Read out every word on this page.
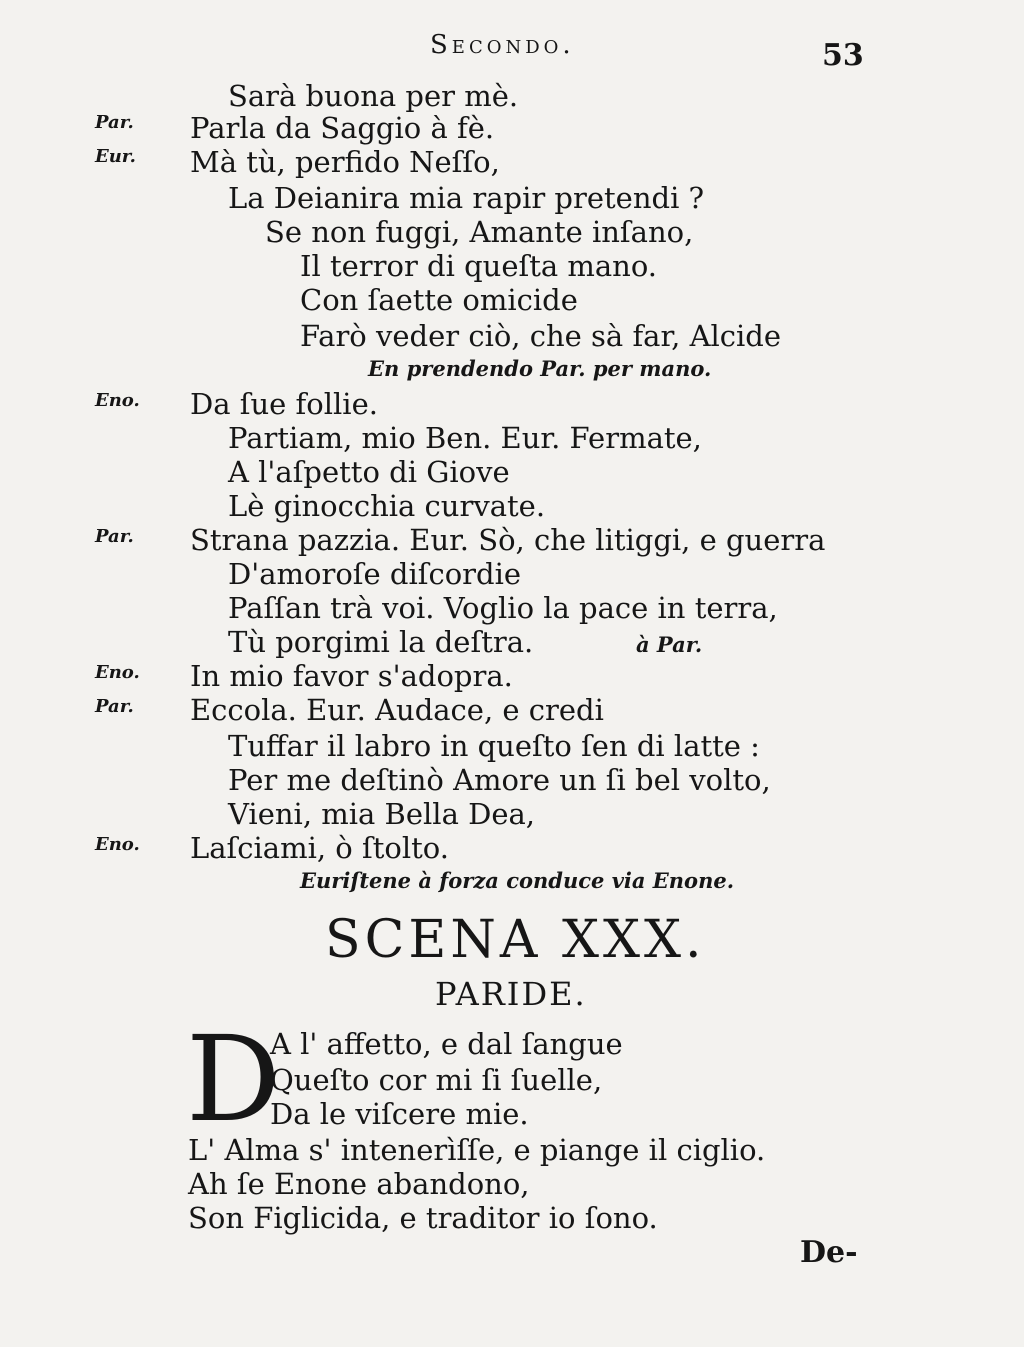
Secondo.	53
Sarà buona per mè.
Par. Parla da Saggio à fè.
Eur. Mà tù, perfido Neſſo,
La Deianira mia rapir pretendi ?
Se non fuggi, Amante inſano,
Il terror di queſta mano.
Con ſaette omicide
Farò veder ciò, che sà far, Alcide
En prendendo Par. per mano.
Eno. Da ſue follie.
Partiam, mio Ben. Eur. Fermate,
A l'aſpetto di Giove
Lè ginocchia curvate.
Par. Strana pazzia. Eur. Sò, che litiggi, e guerra
D'amoroſe diſcordie
Paſſan trà voi. Voglio la pace in terra,
Tù porgimi la deſtra.	à Par.
Eno. In mio favor s'adopra.
Par. Eccola. Eur. Audace, e credi
Tuffar il labro in queſto ſen di latte :
Per me deſtinò Amore un ſi bel volto,
Vieni, mia Bella Dea,
Eno. Laſciami, ò ſtolto.
Euriſtene à forza conduce via Enone.
SCENA XXX.
PARIDE.
D
A l' affetto, e dal ſangue
Queſto cor mi ſi ſuelle,
Da le viſcere mie.
L' Alma s' intenerìſſe, e piange il ciglio.
Ah ſe Enone abandono,
Son Figlicida, e traditor io ſono.
De-
